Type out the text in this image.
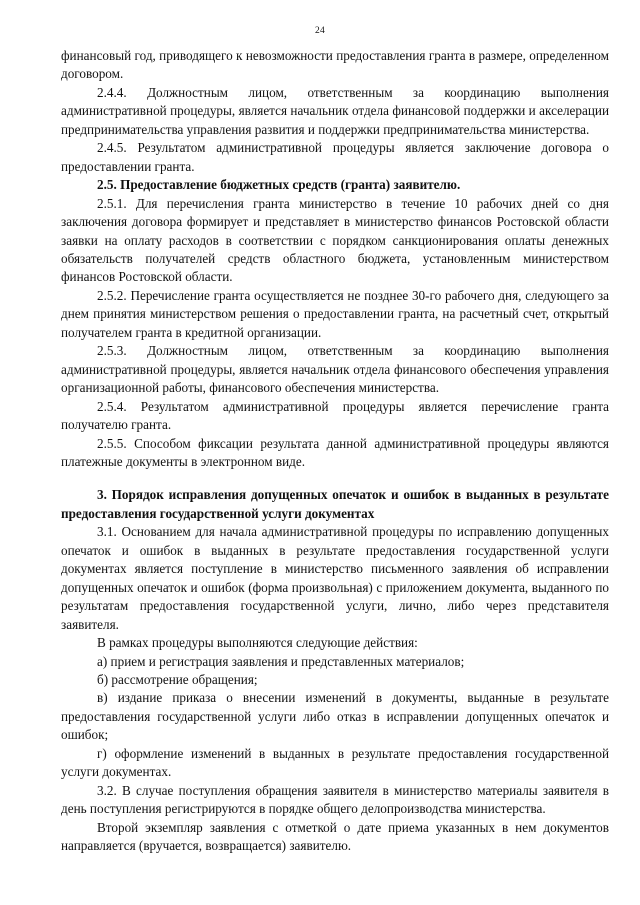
24

финансовый год, приводящего к невозможности предоставления гранта в размере, определенном договором.

2.4.4. Должностным лицом, ответственным за координацию выполнения административной процедуры, является начальник отдела финансовой поддержки и акселерации предпринимательства управления развития и поддержки предпринимательства министерства.

2.4.5. Результатом административной процедуры является заключение договора о предоставлении гранта.

2.5. Предоставление бюджетных средств (гранта) заявителю.

2.5.1. Для перечисления гранта министерство в течение 10 рабочих дней со дня заключения договора формирует и представляет в министерство финансов Ростовской области заявки на оплату расходов в соответствии с порядком санкционирования оплаты денежных обязательств получателей средств областного бюджета, установленным министерством финансов Ростовской области.

2.5.2. Перечисление гранта осуществляется не позднее 30-го рабочего дня, следующего за днем принятия министерством решения о предоставлении гранта, на расчетный счет, открытый получателем гранта в кредитной организации.

2.5.3. Должностным лицом, ответственным за координацию выполнения административной процедуры, является начальник отдела финансового обеспечения управления организационной работы, финансового обеспечения министерства.

2.5.4. Результатом административной процедуры является перечисление гранта получателю гранта.

2.5.5. Способом фиксации результата данной административной процедуры являются платежные документы в электронном виде.

3. Порядок исправления допущенных опечаток и ошибок в выданных в результате предоставления государственной услуги документах

3.1. Основанием для начала административной процедуры по исправлению допущенных опечаток и ошибок в выданных в результате предоставления государственной услуги документах является поступление в министерство письменного заявления об исправлении допущенных опечаток и ошибок (форма произвольная) с приложением документа, выданного по результатам предоставления государственной услуги, лично, либо через представителя заявителя.

В рамках процедуры выполняются следующие действия:

а) прием и регистрация заявления и представленных материалов;

б) рассмотрение обращения;

в) издание приказа о внесении изменений в документы, выданные в результате предоставления государственной услуги либо отказ в исправлении допущенных опечаток и ошибок;

г) оформление изменений в выданных в результате предоставления государственной услуги документах.

3.2. В случае поступления обращения заявителя в министерство материалы заявителя в день поступления регистрируются в порядке общего делопроизводства министерства.

Второй экземпляр заявления с отметкой о дате приема указанных в нем документов направляется (вручается, возвращается) заявителю.
